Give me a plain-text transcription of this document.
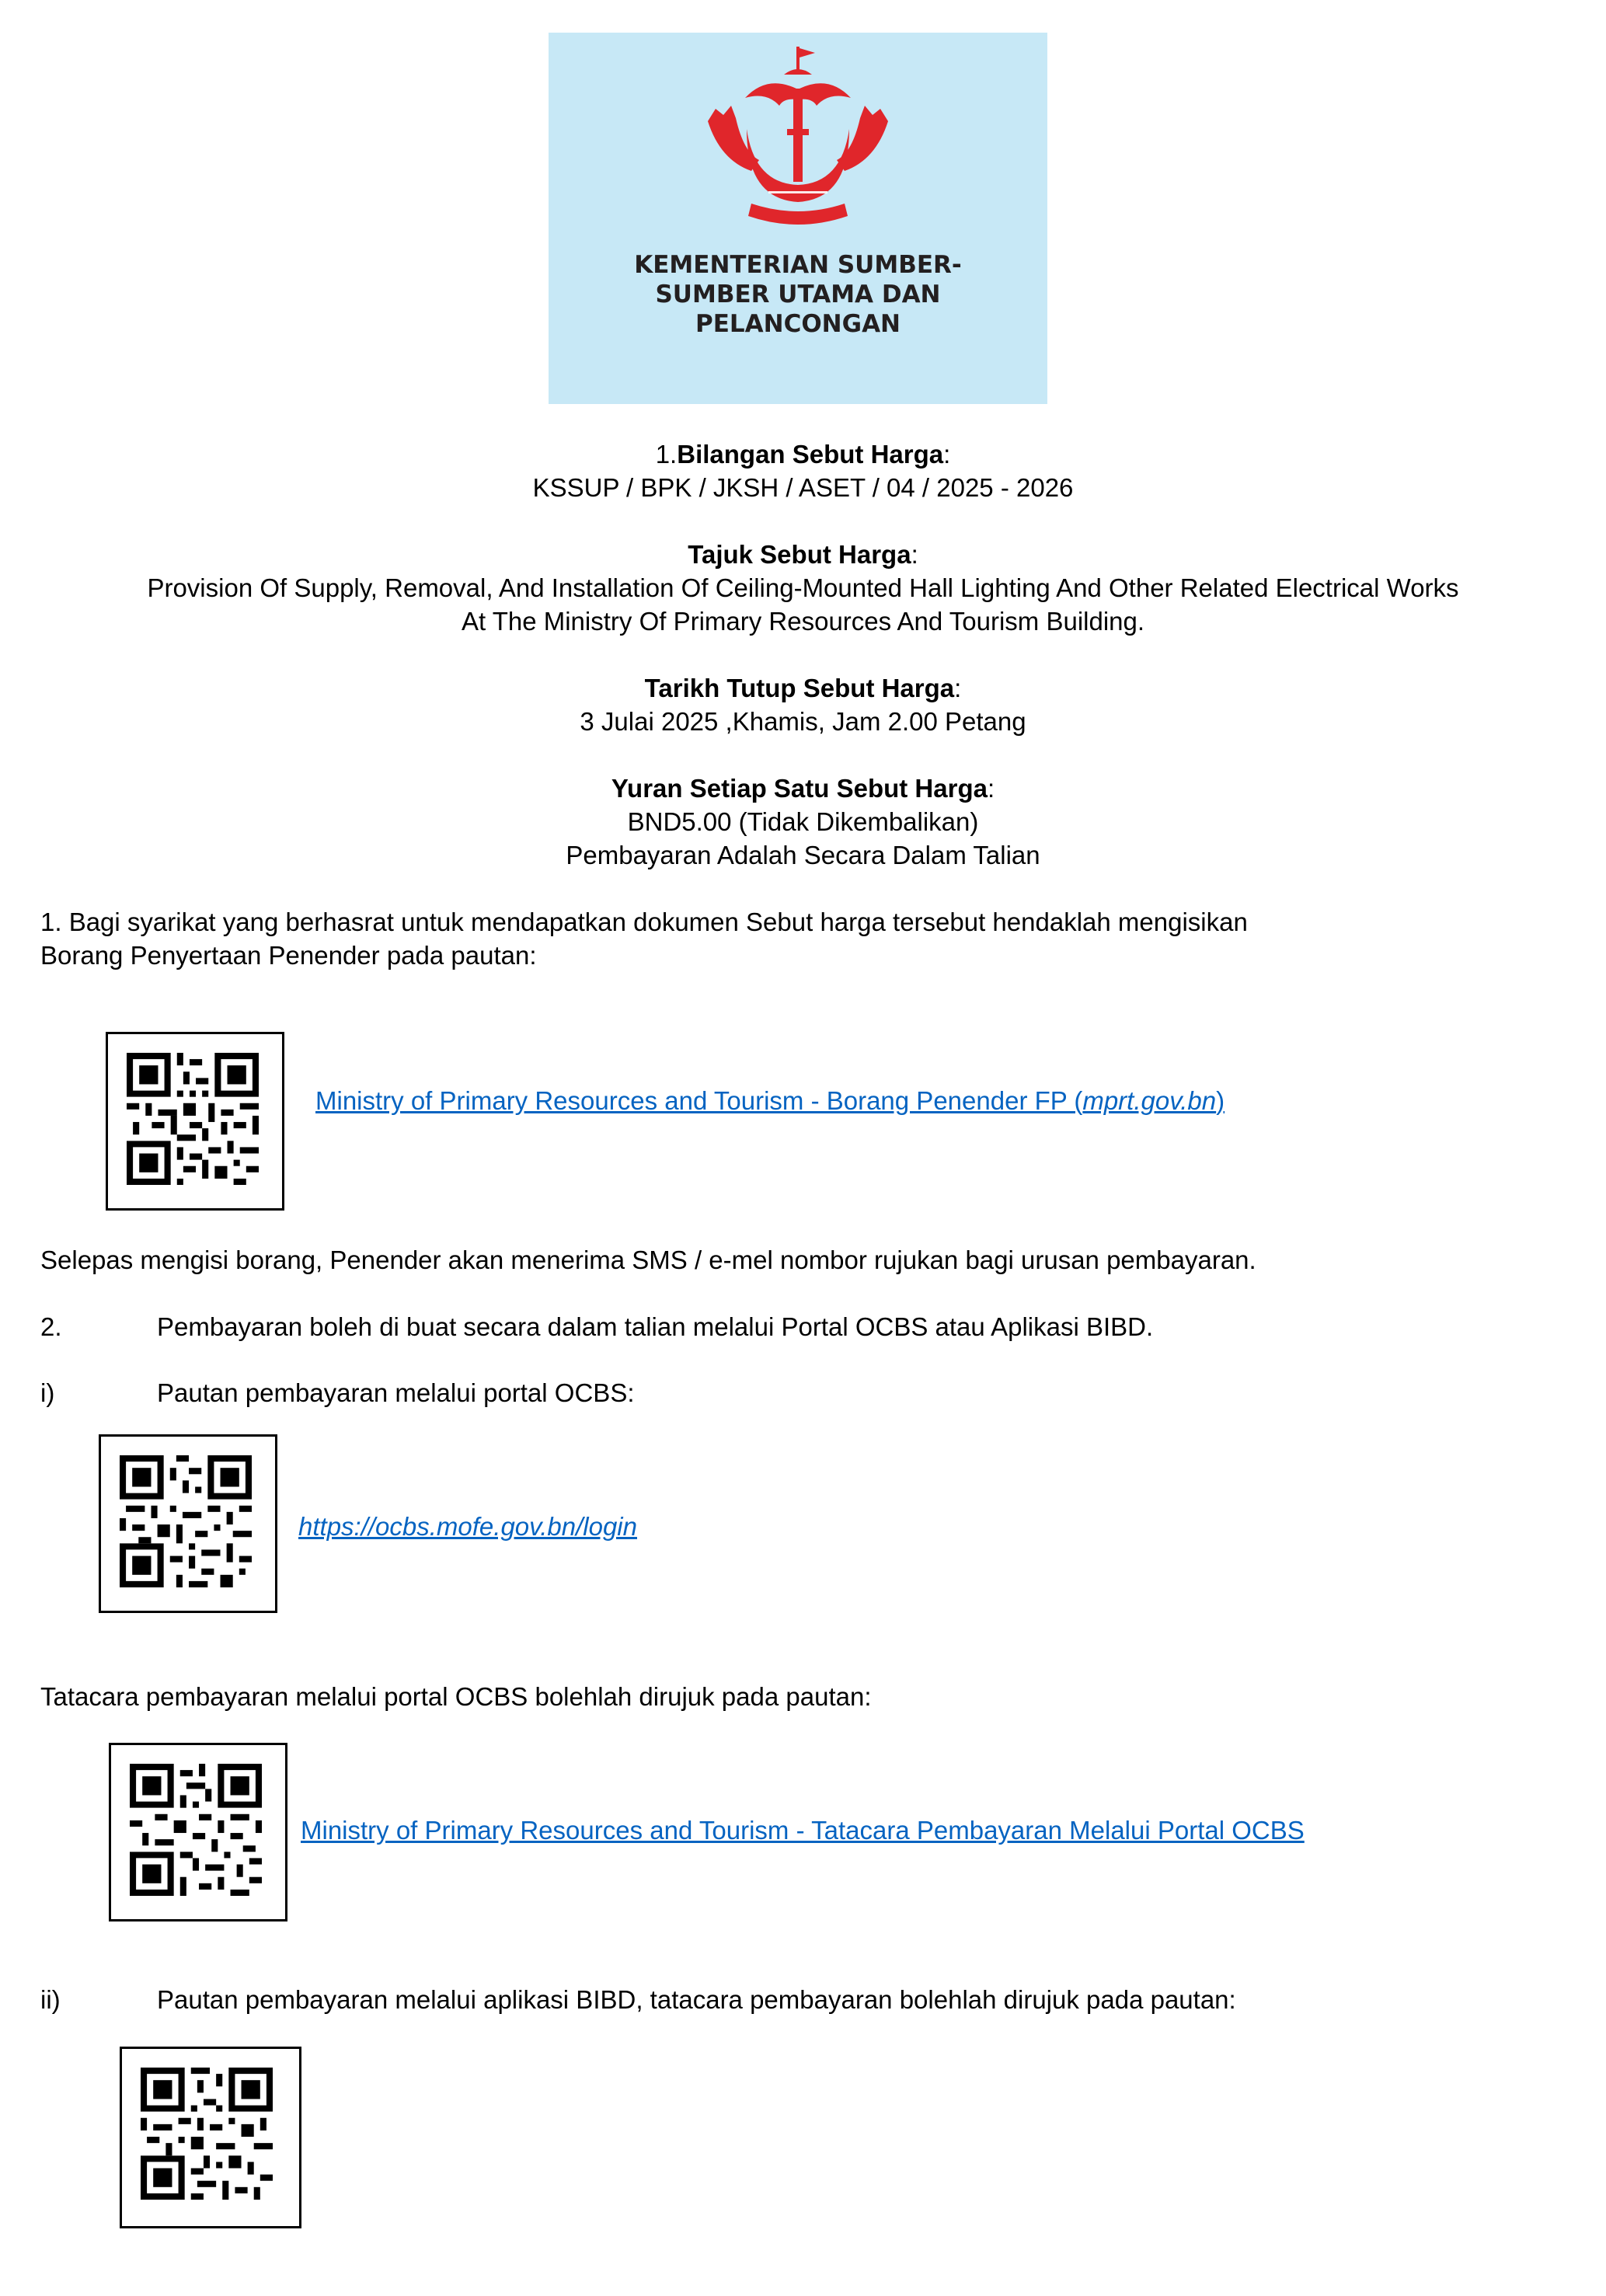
KEMENTERIAN SUMBER-
SUMBER UTAMA DAN
PELANCONGAN
1.Bilangan Sebut Harga:
KSSUP / BPK / JKSH / ASET / 04 / 2025 - 2026
Tajuk Sebut Harga:
Provision Of Supply, Removal, And Installation Of Ceiling-Mounted Hall Lighting And Other Related Electrical Works
At The Ministry Of Primary Resources And Tourism Building.
Tarikh Tutup Sebut Harga:
3 Julai 2025 ,Khamis, Jam 2.00 Petang
Yuran Setiap Satu Sebut Harga:
BND5.00 (Tidak Dikembalikan)
Pembayaran Adalah Secara Dalam Talian
1. Bagi syarikat yang berhasrat untuk mendapatkan dokumen Sebut harga tersebut hendaklah mengisikan
Borang Penyertaan Penender pada pautan:
Ministry of Primary Resources and Tourism - Borang Penender FP (mprt.gov.bn)
Selepas mengisi borang, Penender akan menerima SMS / e-mel nombor rujukan bagi urusan pembayaran.
2.	Pembayaran boleh di buat secara dalam talian melalui Portal OCBS atau Aplikasi BIBD.
i)	Pautan pembayaran melalui portal OCBS:
https://ocbs.mofe.gov.bn/login
Tatacara pembayaran melalui portal OCBS bolehlah dirujuk pada pautan:
Ministry of Primary Resources and Tourism - Tatacara Pembayaran Melalui Portal OCBS
ii)	Pautan pembayaran melalui aplikasi BIBD, tatacara pembayaran bolehlah dirujuk pada pautan:
